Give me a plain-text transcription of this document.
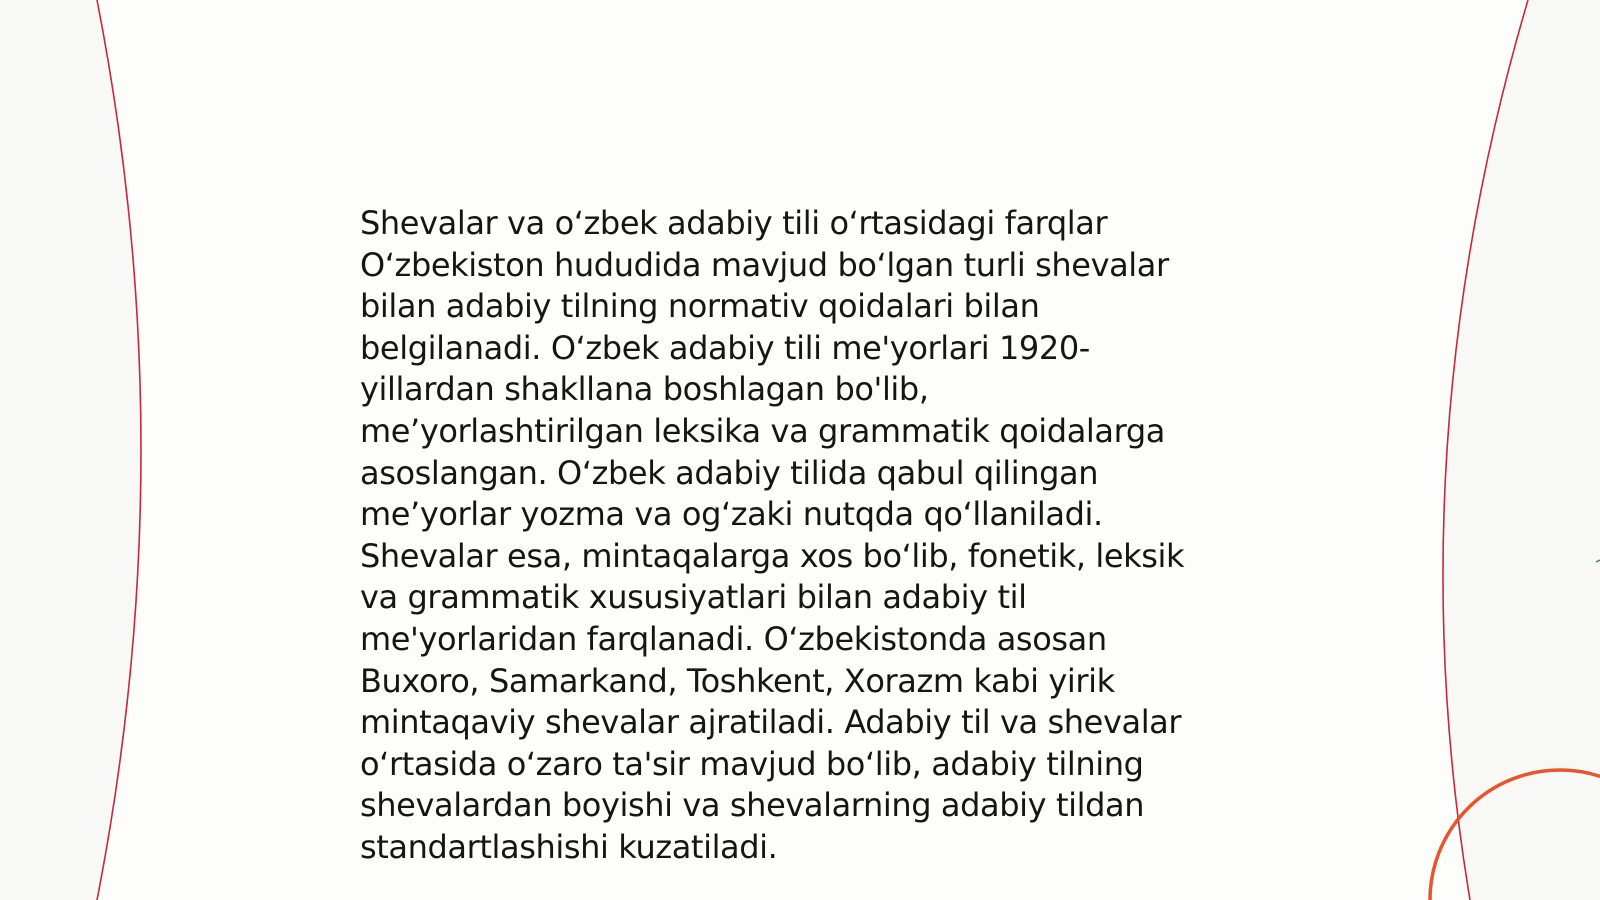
Shevalar va oʻzbek adabiy tili oʻrtasidagi farqlar
Oʻzbekiston hududida mavjud boʻlgan turli shevalar
bilan adabiy tilning normativ qoidalari bilan
belgilanadi. Oʻzbek adabiy tili me'yorlari 1920-
yillardan shakllana boshlagan bo'lib,
me’yorlashtirilgan leksika va grammatik qoidalarga
asoslangan. Oʻzbek adabiy tilida qabul qilingan
me’yorlar yozma va ogʻzaki nutqda qoʻllaniladi.
Shevalar esa, mintaqalarga xos boʻlib, fonetik, leksik
va grammatik xususiyatlari bilan adabiy til
me'yorlaridan farqlanadi. Oʻzbekistonda asosan
Buxoro, Samarkand, Toshkent, Xorazm kabi yirik
mintaqaviy shevalar ajratiladi. Adabiy til va shevalar
oʻrtasida oʻzaro ta'sir mavjud boʻlib, adabiy tilning
shevalardan boyishi va shevalarning adabiy tildan
standartlashishi kuzatiladi.
